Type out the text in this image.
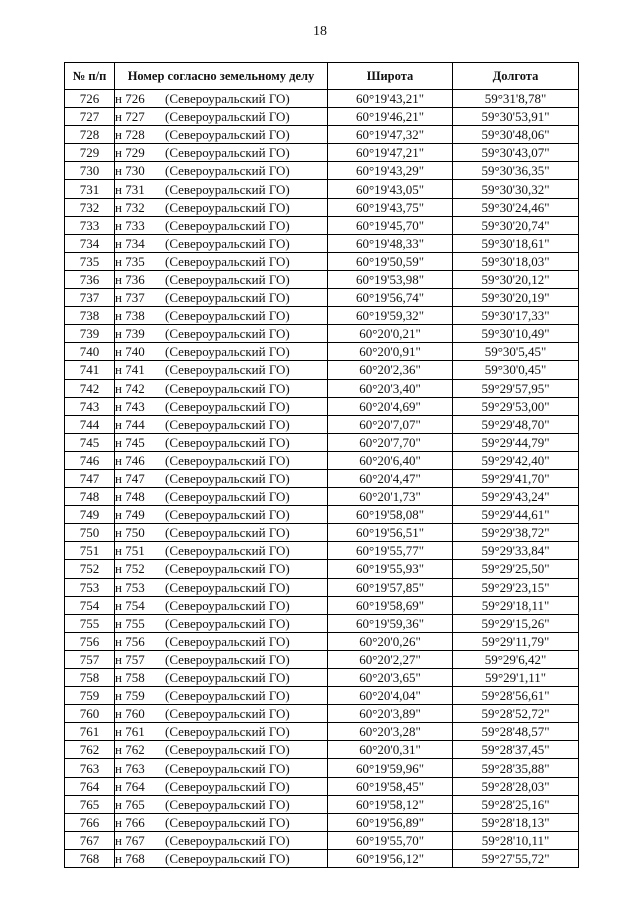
18
№ п/п	Номер согласно земельному делу	Широта	Долгота
726	н 726 (Североуральский ГО)	60°19'43,21"	59°31'8,78"
727	н 727 (Североуральский ГО)	60°19'46,21"	59°30'53,91"
728	н 728 (Североуральский ГО)	60°19'47,32"	59°30'48,06"
729	н 729 (Североуральский ГО)	60°19'47,21"	59°30'43,07"
730	н 730 (Североуральский ГО)	60°19'43,29"	59°30'36,35"
731	н 731 (Североуральский ГО)	60°19'43,05"	59°30'30,32"
732	н 732 (Североуральский ГО)	60°19'43,75"	59°30'24,46"
733	н 733 (Североуральский ГО)	60°19'45,70"	59°30'20,74"
734	н 734 (Североуральский ГО)	60°19'48,33"	59°30'18,61"
735	н 735 (Североуральский ГО)	60°19'50,59"	59°30'18,03"
736	н 736 (Североуральский ГО)	60°19'53,98"	59°30'20,12"
737	н 737 (Североуральский ГО)	60°19'56,74"	59°30'20,19"
738	н 738 (Североуральский ГО)	60°19'59,32"	59°30'17,33"
739	н 739 (Североуральский ГО)	60°20'0,21"	59°30'10,49"
740	н 740 (Североуральский ГО)	60°20'0,91"	59°30'5,45"
741	н 741 (Североуральский ГО)	60°20'2,36"	59°30'0,45"
742	н 742 (Североуральский ГО)	60°20'3,40"	59°29'57,95"
743	н 743 (Североуральский ГО)	60°20'4,69"	59°29'53,00"
744	н 744 (Североуральский ГО)	60°20'7,07"	59°29'48,70"
745	н 745 (Североуральский ГО)	60°20'7,70"	59°29'44,79"
746	н 746 (Североуральский ГО)	60°20'6,40"	59°29'42,40"
747	н 747 (Североуральский ГО)	60°20'4,47"	59°29'41,70"
748	н 748 (Североуральский ГО)	60°20'1,73"	59°29'43,24"
749	н 749 (Североуральский ГО)	60°19'58,08"	59°29'44,61"
750	н 750 (Североуральский ГО)	60°19'56,51"	59°29'38,72"
751	н 751 (Североуральский ГО)	60°19'55,77"	59°29'33,84"
752	н 752 (Североуральский ГО)	60°19'55,93"	59°29'25,50"
753	н 753 (Североуральский ГО)	60°19'57,85"	59°29'23,15"
754	н 754 (Североуральский ГО)	60°19'58,69"	59°29'18,11"
755	н 755 (Североуральский ГО)	60°19'59,36"	59°29'15,26"
756	н 756 (Североуральский ГО)	60°20'0,26"	59°29'11,79"
757	н 757 (Североуральский ГО)	60°20'2,27"	59°29'6,42"
758	н 758 (Североуральский ГО)	60°20'3,65"	59°29'1,11"
759	н 759 (Североуральский ГО)	60°20'4,04"	59°28'56,61"
760	н 760 (Североуральский ГО)	60°20'3,89"	59°28'52,72"
761	н 761 (Североуральский ГО)	60°20'3,28"	59°28'48,57"
762	н 762 (Североуральский ГО)	60°20'0,31"	59°28'37,45"
763	н 763 (Североуральский ГО)	60°19'59,96"	59°28'35,88"
764	н 764 (Североуральский ГО)	60°19'58,45"	59°28'28,03"
765	н 765 (Североуральский ГО)	60°19'58,12"	59°28'25,16"
766	н 766 (Североуральский ГО)	60°19'56,89"	59°28'18,13"
767	н 767 (Североуральский ГО)	60°19'55,70"	59°28'10,11"
768	н 768 (Североуральский ГО)	60°19'56,12"	59°27'55,72"
